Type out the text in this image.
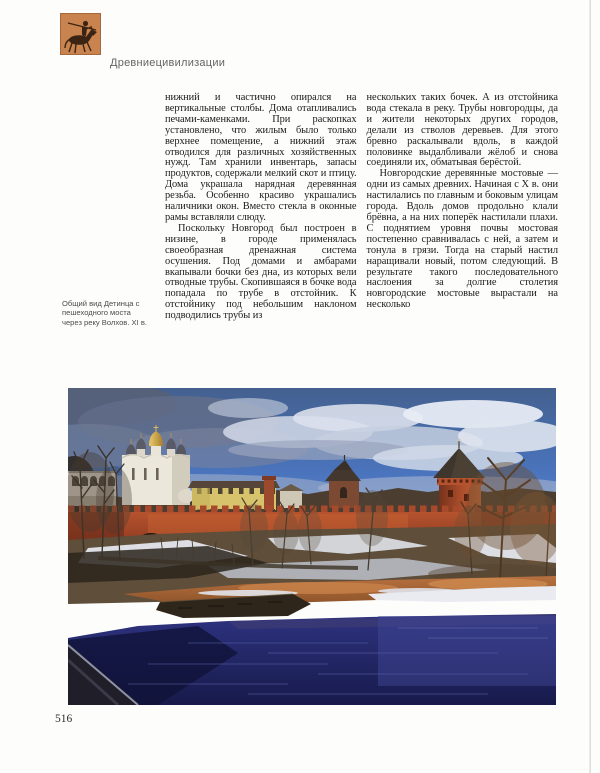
Древниецивилизации

нижний и частично опирался на вертикальные столбы. Дома отапливались печами-каменками. При раскопках установлено, что жилым было только верхнее помещение, а нижний этаж отводился для различных хозяйственных нужд. Там хранили инвентарь, запасы продуктов, содержали мелкий скот и птицу. Дома украшала нарядная деревянная резьба. Особенно красиво украшались наличники окон. Вместо стекла в оконные рамы вставляли слюду.

Поскольку Новгород был построен в низине, в городе применялась своеобразная дренажная система осушения. Под домами и амбарами вкапывали бочки без дна, из которых вели отводные трубы. Скопившаяся в бочке вода попадала по трубе в отстойник. К отстойнику под небольшим наклоном подводились трубы из

нескольких таких бочек. А из отстойника вода стекала в реку. Трубы новгородцы, да и жители некоторых других городов, делали из стволов деревьев. Для этого бревно раскалывали вдоль, в каждой половинке выдалбливали жёлоб и снова соединяли их, обматывая берёстой.

Новгородские деревянные мостовые — одни из самых древних. Начиная с X в. они настилались по главным и боковым улицам города. Вдоль домов продольно клали брёвна, а на них поперёк настилали плахи. С поднятием уровня почвы мостовая постепенно сравнивалась с ней, а затем и тонула в грязи. Тогда на старый настил наращивали новый, потом следующий. В результате такого последовательного наслоения за долгие столетия новгородские мостовые вырастали на несколько

Общий вид Детинца с пешеходного моста через реку Волхов. XI в.
516
